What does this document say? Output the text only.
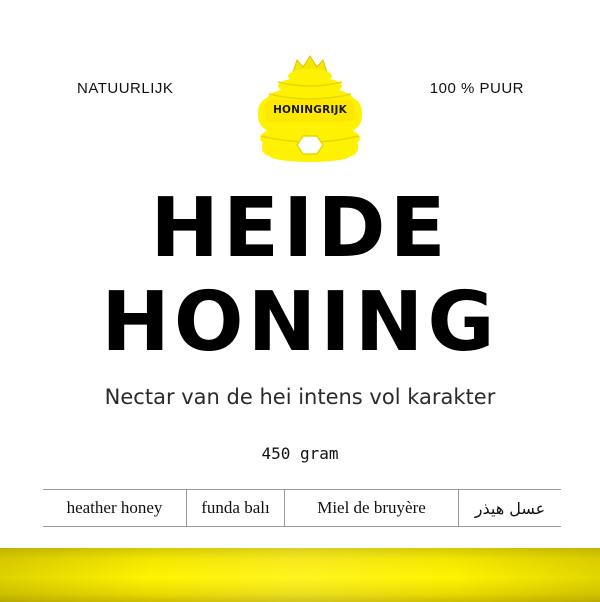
NATUURLIJK	100 % PUUR
HONINGRIJK
HEIDE
HONING
Nectar van de hei intens vol karakter
450 gram
heather honey	funda balı	Miel de bruyère	عسل هيذر
